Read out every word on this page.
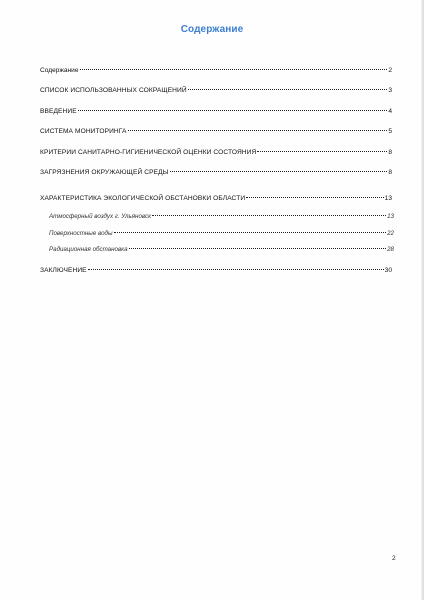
Содержание
Содержание	2
СПИСОК ИСПОЛЬЗОВАННЫХ СОКРАЩЕНИЙ	3
ВВЕДЕНИЕ	4
СИСТЕМА МОНИТОРИНГА	5
КРИТЕРИИ САНИТАРНО-ГИГИЕНИЧЕСКОЙ ОЦЕНКИ СОСТОЯНИЯ	8
ЗАГРЯЗНЕНИЯ ОКРУЖАЮЩЕЙ СРЕДЫ	8
ХАРАКТЕРИСТИКА ЭКОЛОГИЧЕСКОЙ ОБСТАНОВКИ ОБЛАСТИ	13
Атмосферный воздух г. Ульяновск	13
Поверхностные воды	22
Радиационная обстановка	28
ЗАКЛЮЧЕНИЕ	30
2
